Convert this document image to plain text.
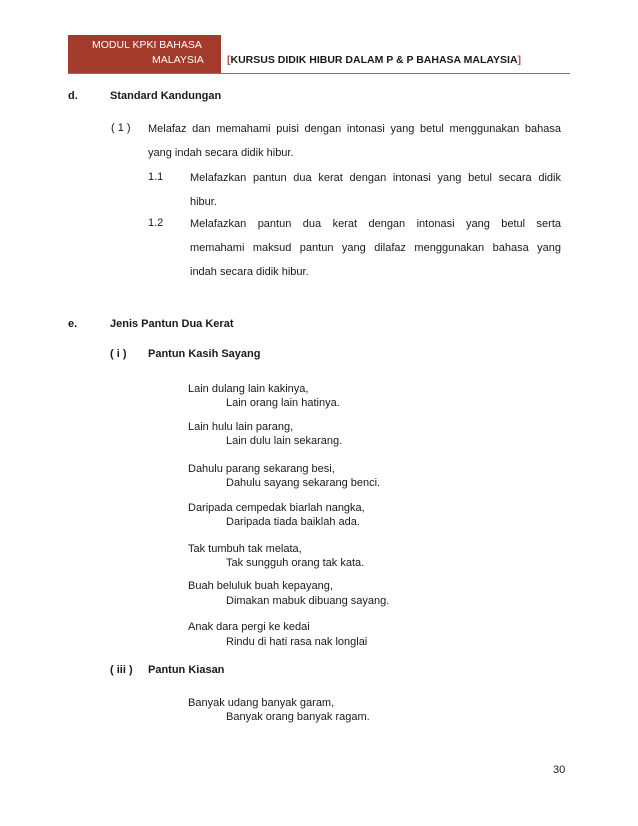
MODUL KPKI BAHASA
MALAYSIA [KURSUS DIDIK HIBUR DALAM P & P BAHASA MALAYSIA]
d.	Standard Kandungan
( 1 ) Melafaz dan memahami puisi dengan intonasi yang betul menggunakan bahasa
yang indah secara didik hibur.
1.1 Melafazkan pantun dua kerat dengan intonasi yang betul secara didik
hibur.
1.2 Melafazkan pantun dua kerat dengan intonasi yang betul serta
memahami maksud pantun yang dilafaz menggunakan bahasa yang
indah secara didik hibur.
e.	Jenis Pantun Dua Kerat
( i ) Pantun Kasih Sayang
Lain dulang lain kakinya,
Lain orang lain hatinya.
Lain hulu lain parang,
Lain dulu lain sekarang.
Dahulu parang sekarang besi,
Dahulu sayang sekarang benci.
Daripada cempedak biarlah nangka,
Daripada tiada baiklah ada.
Tak tumbuh tak melata,
Tak sungguh orang tak kata.
Buah beluluk buah kepayang,
Dimakan mabuk dibuang sayang.
Anak dara pergi ke kedai
Rindu di hati rasa nak longlai
( iii ) Pantun Kiasan
Banyak udang banyak garam,
Banyak orang banyak ragam.
30
